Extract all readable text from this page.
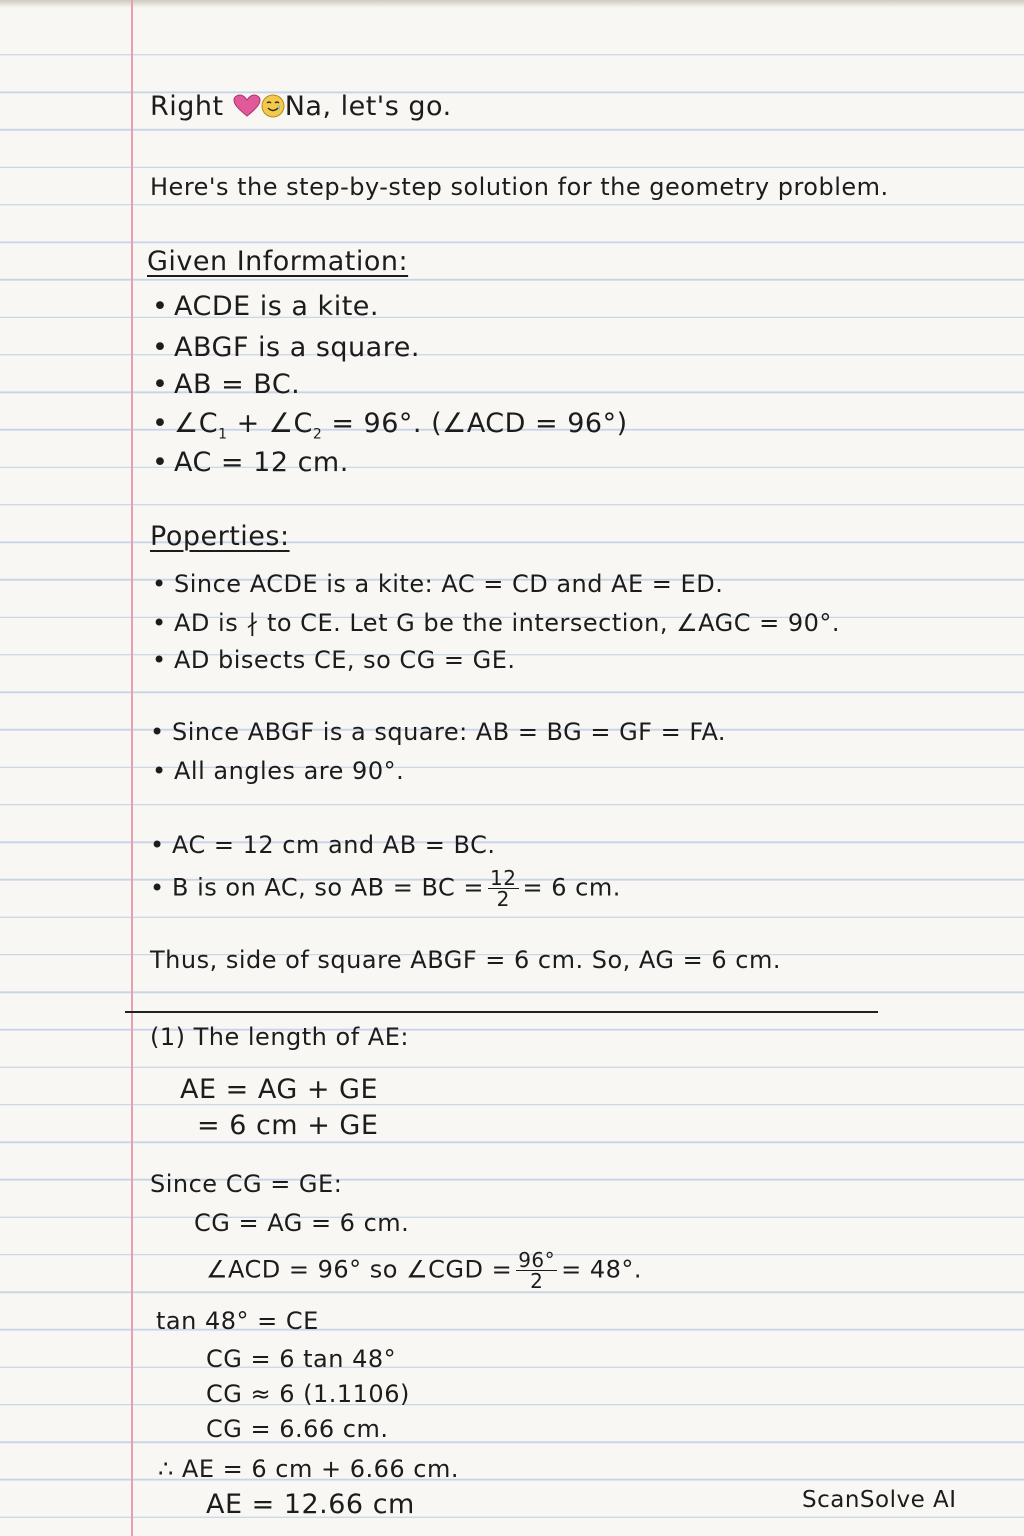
Right Na, let's go.
Here's the step-by-step solution for the geometry problem.
Given Information:
• ACDE is a kite.
• ABGF is a square.
• AB = BC.
• $\angle C_1$ + $\angle C_2 = 96^\circ$. (∠ACD = 96°)
• AC = 12 cm.
Poperties:
• Since ACDE is a kite: AC = CD and AE = ED.
• AD is ∤ to CE. Let G be the intersection, ∠AGC = 90°.
• AD bisects CE, so CG = GE.
• Since ABGF is a square: AB = BG = GF = FA.
• All angles are 90°.
• AC = 12 cm and AB = BC.
• B is on AC, so AB = BC = $\frac{12}{2} = 6$ cm.
Thus, side of square ABGF = 6 cm. So, AG = 6 cm.
(1) The length of AE:
AE = AG + GE
= 6 cm + GE
Since CG = GE:
CG = AG = 6 cm.
∠ACD = 96° so ∠CGD = $\frac{96^\circ}{2} = 48^\circ$.
tan 48° = CE
CG = 6 tan 48°
CG ≈ 6 (1.1106)
CG = 6.66 cm.
∴ AE = 6 cm + 6.66 cm.
AE = 12.66 cm	ScanSolve AI
